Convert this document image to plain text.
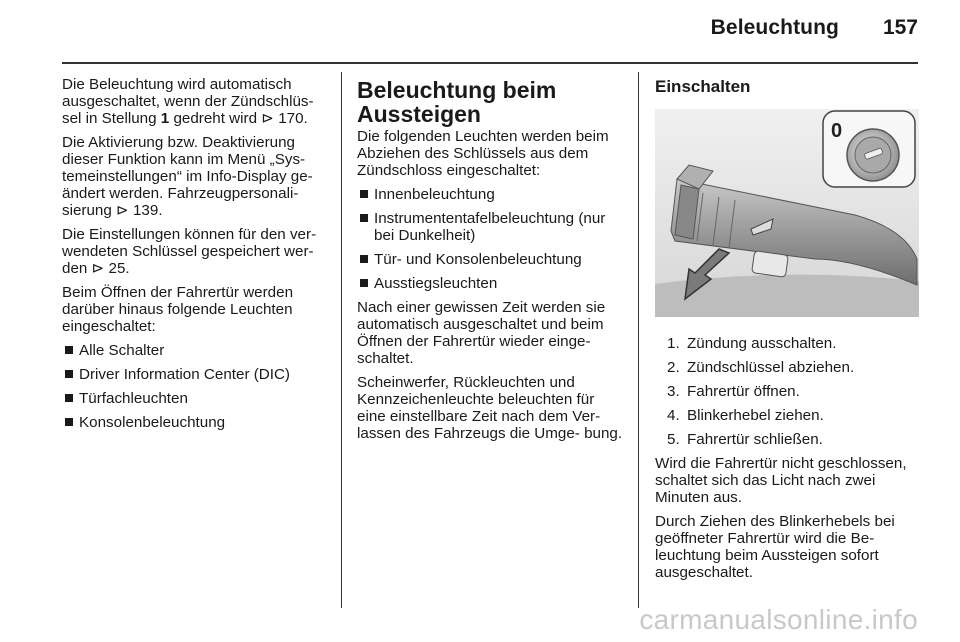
Beleuchtung 157

Die Beleuchtung wird automatisch ausgeschaltet, wenn der Zündschlüs- sel in Stellung 1 gedreht wird ⊳ 170.

Die Aktivierung bzw. Deaktivierung dieser Funktion kann im Menü „Sys- temeinstellungen“ im Info-Display ge- ändert werden. Fahrzeugpersonali- sierung ⊳ 139.

Die Einstellungen können für den ver- wendeten Schlüssel gespeichert wer- den ⊳ 25.

Beim Öffnen der Fahrertür werden darüber hinaus folgende Leuchten eingeschaltet:

Alle Schalter
Driver Information Center (DIC)
Türfachleuchten
Konsolenbeleuchtung
Beleuchtung beim Aussteigen

Die folgenden Leuchten werden beim Abziehen des Schlüssels aus dem Zündschloss eingeschaltet:

Innenbeleuchtung
Instrumententafelbeleuchtung (nur bei Dunkelheit)
Tür- und Konsolenbeleuchtung
Ausstiegsleuchten

Nach einer gewissen Zeit werden sie automatisch ausgeschaltet und beim Öffnen der Fahrertür wieder einge- schaltet.

Scheinwerfer, Rückleuchten und Kennzeichenleuchte beleuchten für eine einstellbare Zeit nach dem Ver- lassen des Fahrzeugs die Umge- bung.

Einschalten
0
1. Zündung ausschalten.
2. Zündschlüssel abziehen.
3. Fahrertür öffnen.
4. Blinkerhebel ziehen.
5. Fahrertür schließen.

Wird die Fahrertür nicht geschlossen, schaltet sich das Licht nach zwei Minuten aus.

Durch Ziehen des Blinkerhebels bei geöffneter Fahrertür wird die Be- leuchtung beim Aussteigen sofort ausgeschaltet.

carmanualsonline.info
